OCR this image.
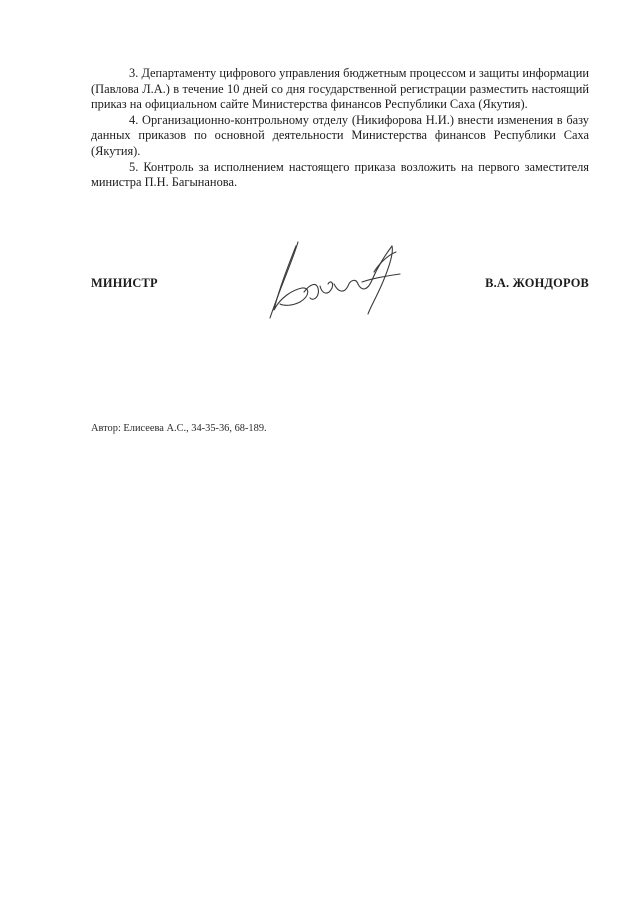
3. Департаменту цифрового управления бюджетным процессом и защиты информации (Павлова Л.А.) в течение 10 дней со дня государственной регистрации разместить настоящий приказ на официальном сайте Министерства финансов Республики Саха (Якутия).

4. Организационно-контрольному отделу (Никифорова Н.И.) внести изменения в базу данных приказов по основной деятельности Министерства финансов Республики Саха (Якутия).

5. Контроль за исполнением настоящего приказа возложить на первого заместителя министра П.Н. Багынанова.

МИНИСТР	В.А. ЖОНДОРОВ
Автор: Елисеева А.С., 34-35-36, 68-189.
